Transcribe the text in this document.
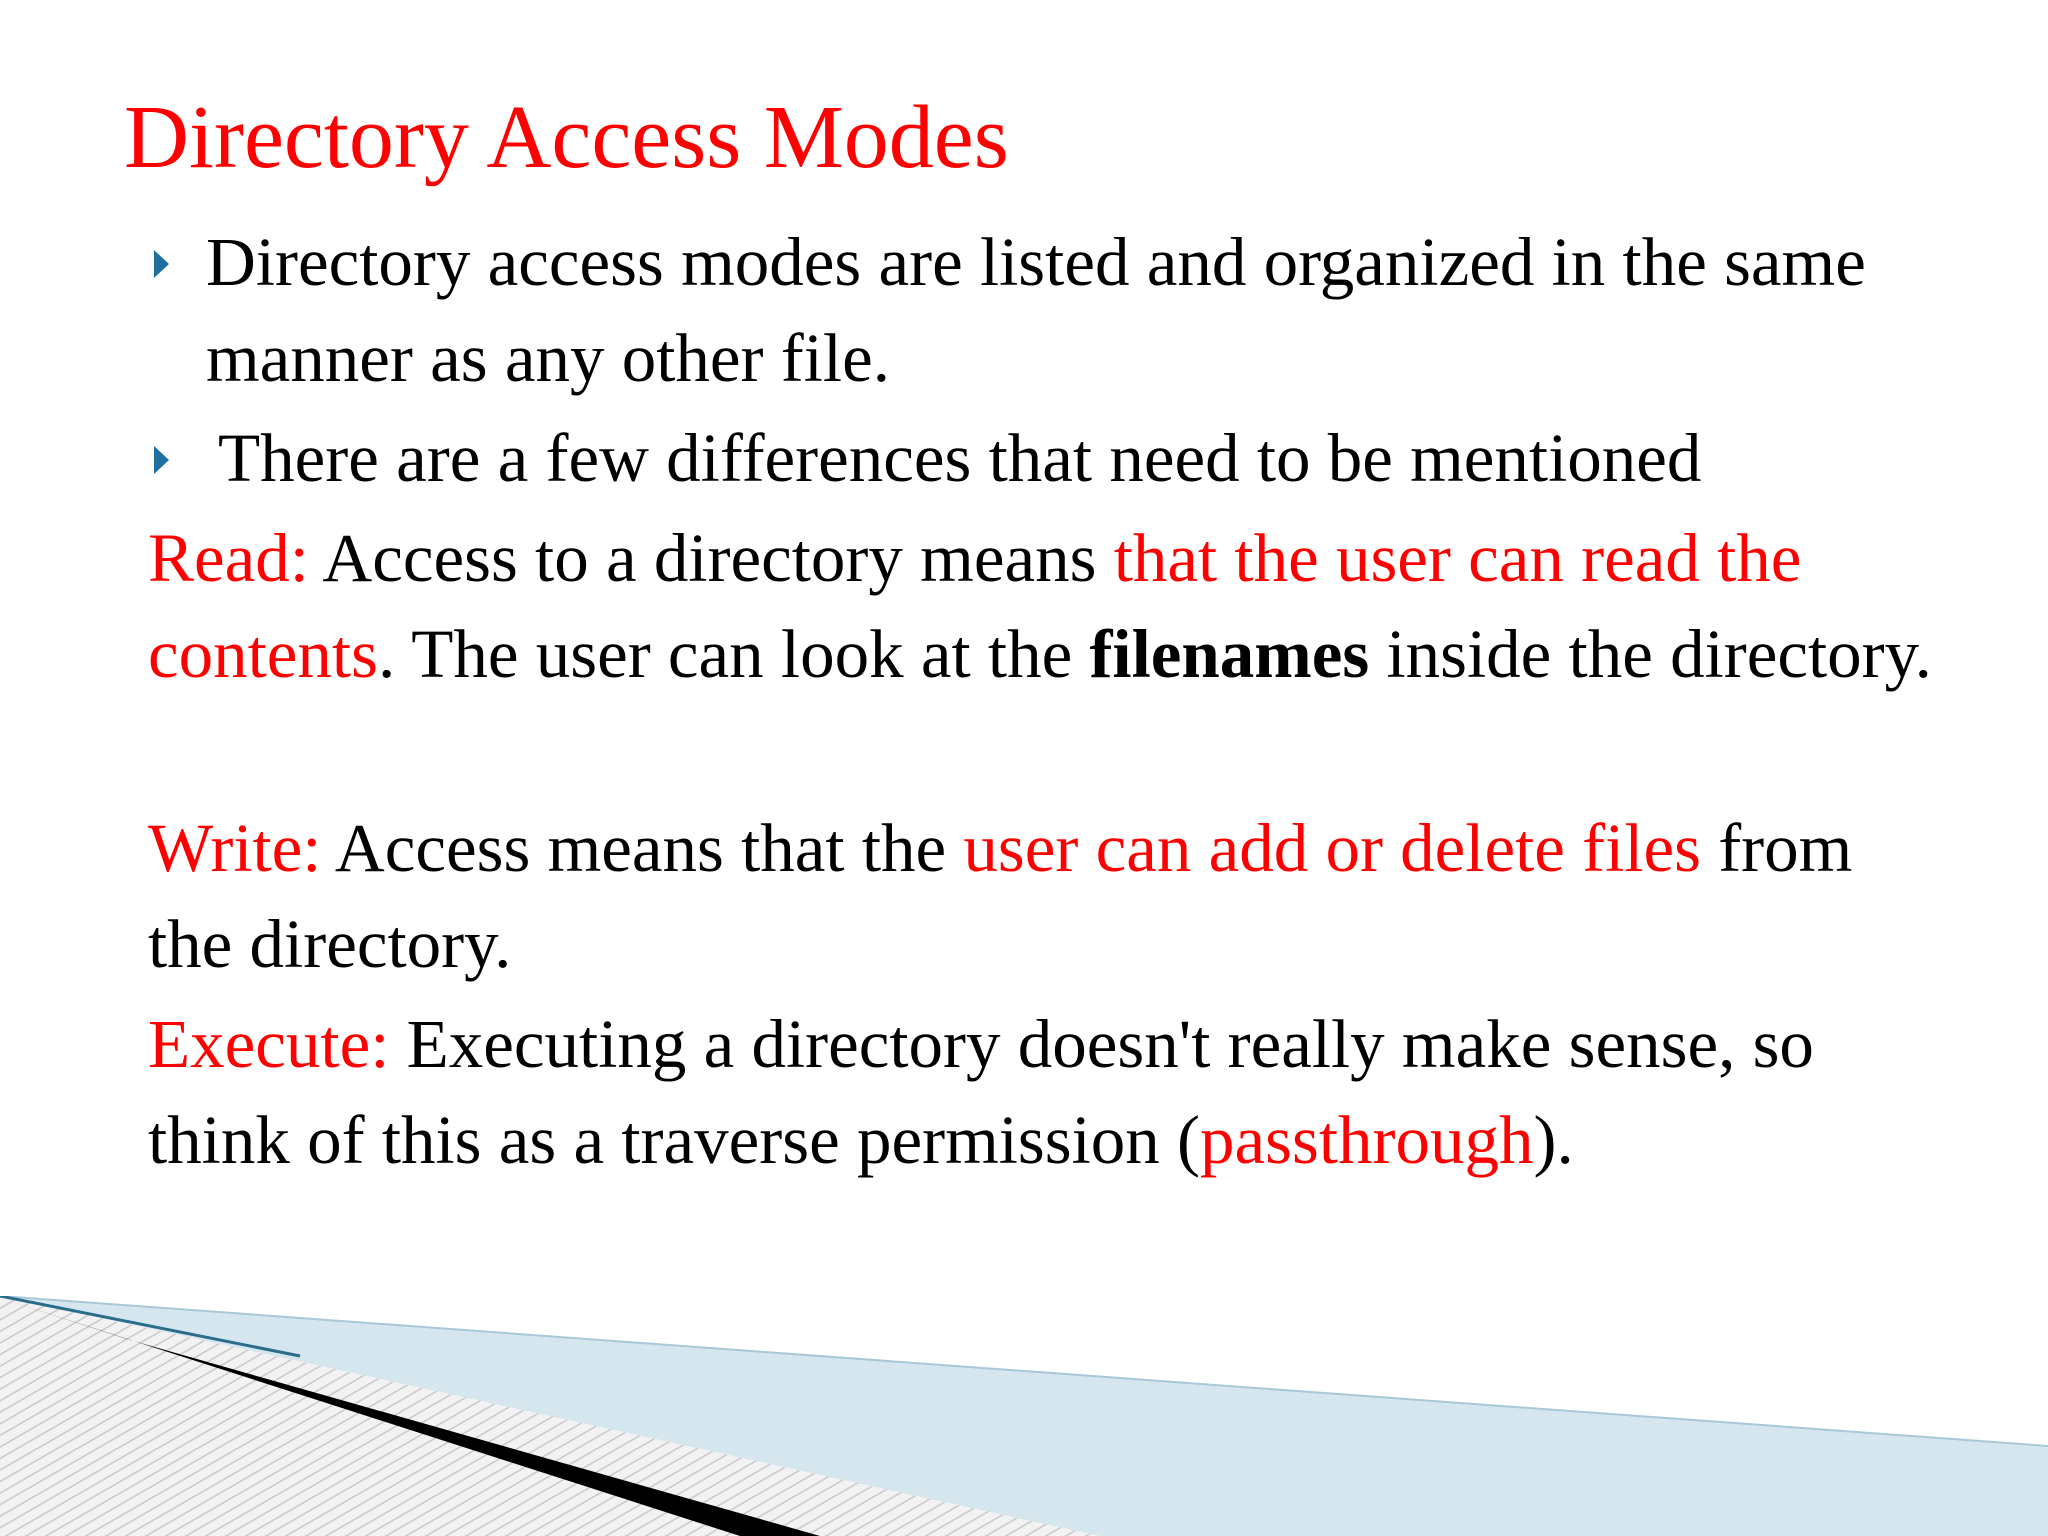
Directory Access Modes
Directory access modes are listed and organized in the same manner as any other file.
There are a few differences that need to be mentioned

Read: Access to a directory means that the user can read the contents. The user can look at the filenames inside the directory.

Write: Access means that the user can add or delete files from the directory.

Execute: Executing a directory doesn't really make sense, so think of this as a traverse permission (passthrough).
